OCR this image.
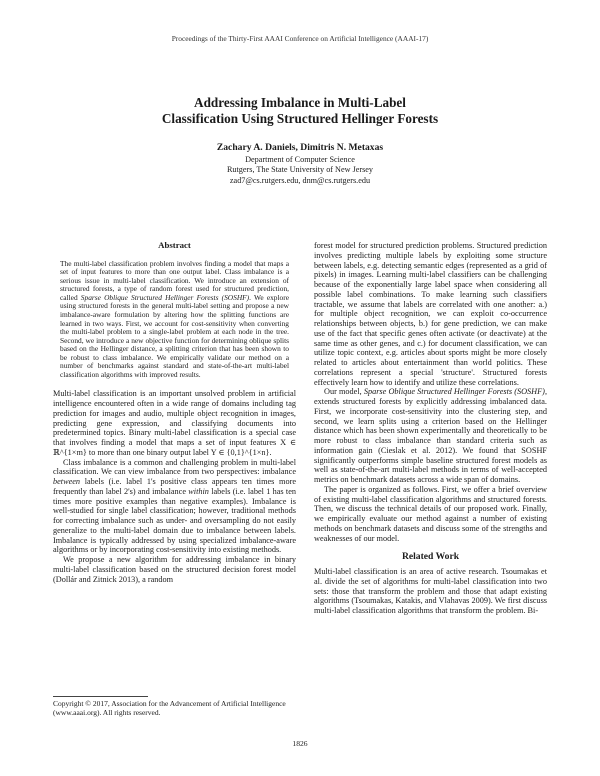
Proceedings of the Thirty-First AAAI Conference on Artificial Intelligence (AAAI-17)
Addressing Imbalance in Multi-Label
Classification Using Structured Hellinger Forests
Zachary A. Daniels, Dimitris N. Metaxas
Department of Computer Science
Rutgers, The State University of New Jersey
zad7@cs.rutgers.edu, dnm@cs.rutgers.edu
Abstract
The multi-label classification problem involves finding a model that maps a set of input features to more than one output label. Class imbalance is a serious issue in multi-label classification. We introduce an extension of structured forests, a type of random forest used for structured prediction, called Sparse Oblique Structured Hellinger Forests (SOSHF). We explore using structured forests in the general multi-label setting and propose a new imbalance-aware formulation by altering how the splitting functions are learned in two ways. First, we account for cost-sensitivity when converting the multi-label problem to a single-label problem at each node in the tree. Second, we introduce a new objective function for determining oblique splits based on the Hellinger distance, a splitting criterion that has been shown to be robust to class imbalance. We empirically validate our method on a number of benchmarks against standard and state-of-the-art multi-label classification algorithms with improved results.

Multi-label classification is an important unsolved problem in artificial intelligence encountered often in a wide range of domains including tag prediction for images and audio, multiple object recognition in images, predicting gene expression, and classifying documents into predetermined topics. Binary multi-label classification is a special case that involves finding a model that maps a set of input features X ∈ ℝ^{1×m} to more than one binary output label Y ∈ {0,1}^{1×n}.

Class imbalance is a common and challenging problem in multi-label classification. We can view imbalance from two perspectives: imbalance between labels (i.e. label 1's positive class appears ten times more frequently than label 2's) and imbalance within labels (i.e. label 1 has ten times more positive examples than negative examples). Imbalance is well-studied for single label classification; however, traditional methods for correcting imbalance such as under- and oversampling do not easily generalize to the multi-label domain due to imbalance between labels. Imbalance is typically addressed by using specialized imbalance-aware algorithms or by incorporating cost-sensitivity into existing methods.

We propose a new algorithm for addressing imbalance in binary multi-label classification based on the structured decision forest model (Dollár and Zitnick 2013), a random

Copyright © 2017, Association for the Advancement of Artificial Intelligence (www.aaai.org). All rights reserved.

forest model for structured prediction problems. Structured prediction involves predicting multiple labels by exploiting some structure between labels, e.g. detecting semantic edges (represented as a grid of pixels) in images. Learning multi-label classifiers can be challenging because of the exponentially large label space when considering all possible label combinations. To make learning such classifiers tractable, we assume that labels are correlated with one another: a.) for multiple object recognition, we can exploit co-occurrence relationships between objects, b.) for gene prediction, we can make use of the fact that specific genes often activate (or deactivate) at the same time as other genes, and c.) for document classification, we can utilize topic context, e.g. articles about sports might be more closely related to articles about entertainment than world politics. These correlations represent a special 'structure'. Structured forests effectively learn how to identify and utilize these correlations.

Our model, Sparse Oblique Structured Hellinger Forests (SOSHF), extends structured forests by explicitly addressing imbalanced data. First, we incorporate cost-sensitivity into the clustering step, and second, we learn splits using a criterion based on the Hellinger distance which has been shown experimentally and theoretically to be more robust to class imbalance than standard criteria such as information gain (Cieslak et al. 2012). We found that SOSHF significantly outperforms simple baseline structured forest models as well as state-of-the-art multi-label methods in terms of well-accepted metrics on benchmark datasets across a wide span of domains.

The paper is organized as follows. First, we offer a brief overview of existing multi-label classification algorithms and structured forests. Then, we discuss the technical details of our proposed work. Finally, we empirically evaluate our method against a number of existing methods on benchmark datasets and discuss some of the strengths and weaknesses of our model.

Related Work

Multi-label classification is an area of active research. Tsoumakas et al. divide the set of algorithms for multi-label classification into two sets: those that transform the problem and those that adapt existing algorithms (Tsoumakas, Katakis, and Vlahavas 2009). We first discuss multi-label classification algorithms that transform the problem. Bi-

1826
